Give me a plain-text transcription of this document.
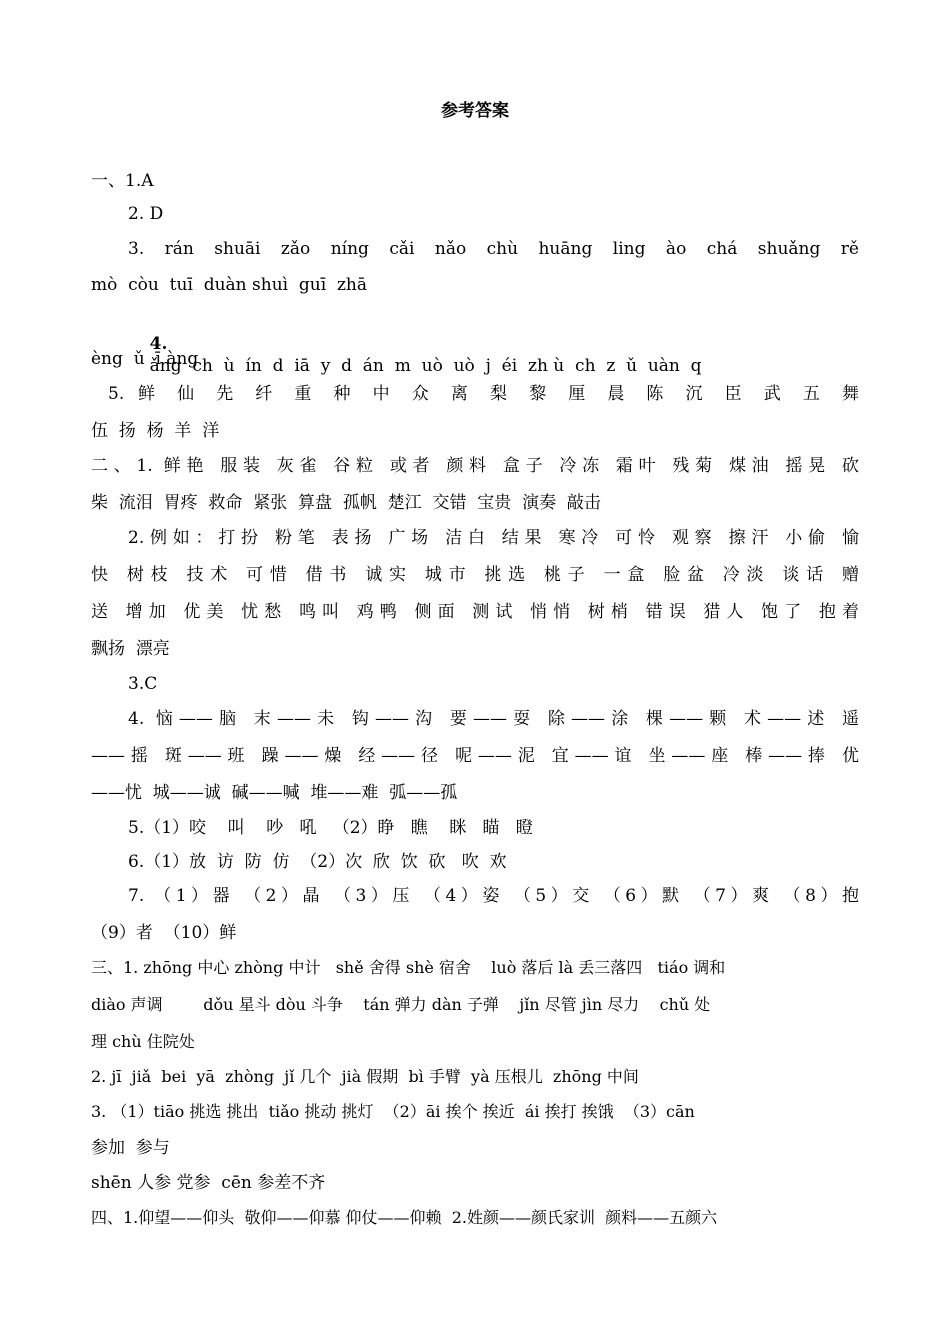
参考答案
一、1.A
2. D
3. rán shuāi zǎo níng cǎi nǎo chù huāng ling ào chá shuǎng rě
mò  còu  tuī  duàn shuì  guī  zhā

4.
ǎng  ch  ù  ín  d  iā  y  d  án  m  uò  uò  j  éi  zh ù  ch  z  ǔ  uàn  q

èng  ǔ  ī àng
5. 鲜 仙 先 纤 重 种 中 众 离 梨 黎 厘 晨 陈 沉 臣 武 五 舞
伍  扬  杨  羊  洋
二、1. 鲜艳 服装 灰雀 谷粒 或者 颜料 盒子 冷冻 霜叶 残菊 煤油 摇晃 砍
柴  流泪  胃疼  救命  紧张  算盘  孤帆  楚江  交错  宝贵  演奏  敲击
2.例如：打扮 粉笔 表扬 广场 洁白 结果 寒冷 可怜 观察 擦汗 小偷 愉
快 树枝 技术 可惜 借书 诚实 城市 挑选 桃子 一盒 脸盆 冷淡 谈话 赠
送 增加 优美 忧愁 鸣叫 鸡鸭 侧面 测试 悄悄 树梢 错误 猎人 饱了 抱着
飘扬  漂亮
3.C
4. 恼——脑 末——未 钩——沟 要——耍 除——涂 棵——颗 术——述 遥
——摇 斑——班 躁——燥 经——径 呢——泥 宜——谊 坐——座 棒——捧 优
——忧  城——诚  碱——喊  堆——难  弧——孤
5.（1）咬    叫    吵   吼   （2）睁   瞧    眯   瞄   瞪
6.（1）放  访  防  仿  （2）次  欣  饮  砍   吹  欢
7. （1）器 （2）晶 （3）压 （4）姿 （5）交 （6）默 （7）爽 （8）抱
（9）者  （10）鲜
三、1. zhōng 中心 zhòng 中计   shě 舍得 shè 宿舍    luò 落后 là 丢三落四   tiáo 调和
diào 声调        dǒu 星斗 dòu 斗争    tán 弹力 dàn 子弹    jǐn 尽管 jìn 尽力    chǔ 处
理 chù 住院处
2. jī  jiǎ  bei  yā  zhòng  jǐ 几个  jià 假期  bì 手臂  yà 压根儿  zhōng 中间
3. （1）tiāo 挑选 挑出  tiǎo 挑动 挑灯  （2）āi 挨个 挨近  ái 挨打 挨饿  （3）cān
参加  参与
shēn 人参 党参  cēn 参差不齐
四、1.仰望——仰头  敬仰——仰慕 仰仗——仰赖  2.姓颜——颜氏家训  颜料——五颜六
